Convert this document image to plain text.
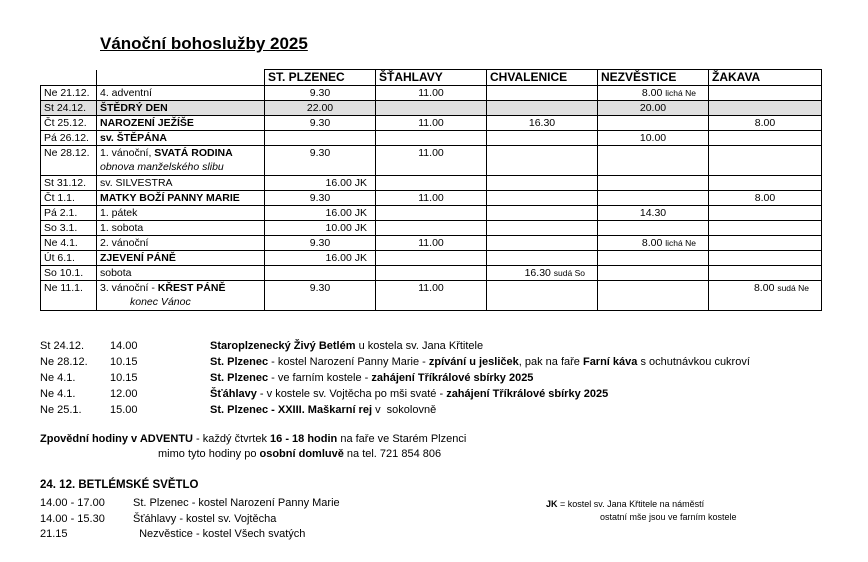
Vánoční bohoslužby 2025
		ST. PLZENEC	ŠŤAHLAVY	CHVALENICE	NEZVĚSTICE	ŽAKAVA
Ne 21.12.	4. adventní	9.30	11.00		8.00 lichá Ne	
St 24.12.	ŠTĚDRÝ DEN	22.00			20.00	
Čt 25.12.	NAROZENÍ JEŽÍŠE	9.30	11.00	16.30		8.00
Pá 26.12.	sv. ŠTĚPÁNA				10.00	
Ne 28.12.	1. vánoční, SVATÁ RODINA
obnova manželského slibu	9.30	11.00			
St 31.12.	sv. SILVESTRA	16.00 JK				
Čt 1.1.	MATKY BOŽÍ PANNY MARIE	9.30	11.00			8.00
Pá 2.1.	1. pátek	16.00 JK			14.30	
So 3.1.	1. sobota	10.00 JK				
Ne 4.1.	2. vánoční	9.30	11.00		8.00 lichá Ne	
Út 6.1.	ZJEVENÍ PÁNĚ	16.00 JK				
So 10.1.	sobota			16.30 sudá So		
Ne 11.1.	3. vánoční - KŘEST PÁNĚ
konec Vánoc	9.30	11.00			8.00 sudá Ne
St 24.12.	14.00	Staroplzenecký Živý Betlém u kostela sv. Jana Křtitele
Ne 28.12.	10.15	St. Plzenec - kostel Narození Panny Marie - zpívání u jesliček, pak na faře Farní káva s ochutnávkou cukroví
Ne 4.1.	10.15	St. Plzenec - ve farním kostele - zahájení Tříkrálové sbírky 2025
Ne 4.1.	12.00	Šťáhlavy - v kostele sv. Vojtěcha po mši svaté - zahájení Tříkrálové sbírky 2025
Ne 25.1.	15.00	St. Plzenec - XXIII. Maškarní rej v  sokolovně
Zpovědní hodiny v ADVENTU - každý čtvrtek 16 - 18 hodin na faře ve Starém Plzenci
mimo tyto hodiny po osobní domluvě na tel. 721 854 806
24. 12. BETLÉMSKÉ SVĚTLO
14.00 - 17.00	St. Plzenec - kostel Narození Panny Marie
14.00 - 15.30	Šťáhlavy - kostel sv. Vojtěcha
21.15	Nezvěstice - kostel Všech svatých
JK = kostel sv. Jana Křtitele na náměstí
ostatní mše jsou ve farním kostele
